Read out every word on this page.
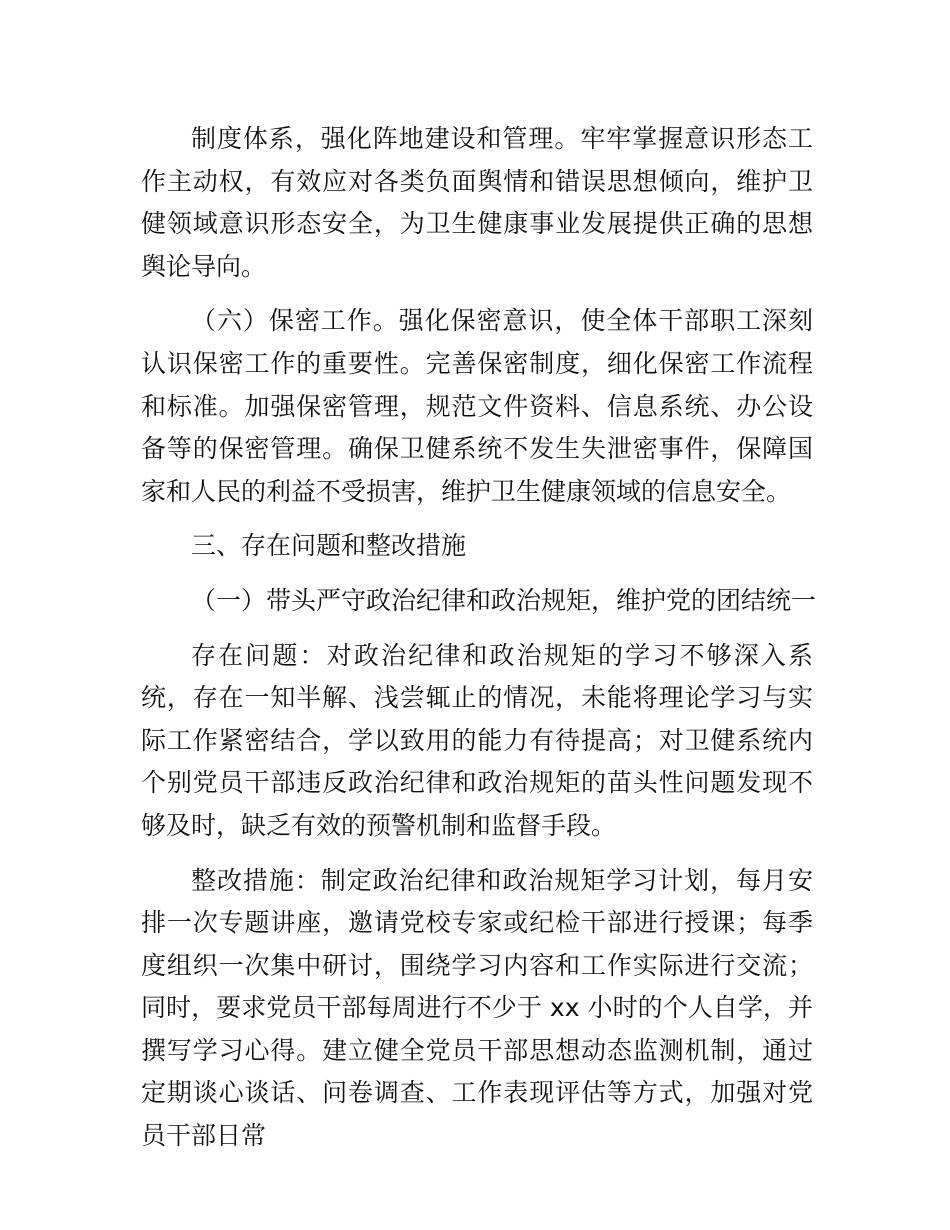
制度体系，强化阵地建设和管理。牢牢掌握意识形态工作主动权，有效应对各类负面舆情和错误思想倾向，维护卫健领域意识形态安全，为卫生健康事业发展提供正确的思想舆论导向。

（六）保密工作。强化保密意识，使全体干部职工深刻认识保密工作的重要性。完善保密制度，细化保密工作流程和标准。加强保密管理，规范文件资料、信息系统、办公设备等的保密管理。确保卫健系统不发生失泄密事件，保障国家和人民的利益不受损害，维护卫生健康领域的信息安全。

三、存在问题和整改措施

（一）带头严守政治纪律和政治规矩，维护党的团结统一

存在问题：对政治纪律和政治规矩的学习不够深入系统，存在一知半解、浅尝辄止的情况，未能将理论学习与实际工作紧密结合，学以致用的能力有待提高；对卫健系统内个别党员干部违反政治纪律和政治规矩的苗头性问题发现不够及时，缺乏有效的预警机制和监督手段。

整改措施：制定政治纪律和政治规矩学习计划，每月安排一次专题讲座，邀请党校专家或纪检干部进行授课；每季度组织一次集中研讨，围绕学习内容和工作实际进行交流；同时，要求党员干部每周进行不少于 xx 小时的个人自学，并撰写学习心得。建立健全党员干部思想动态监测机制，通过定期谈心谈话、问卷调查、工作表现评估等方式，加强对党员干部日常
